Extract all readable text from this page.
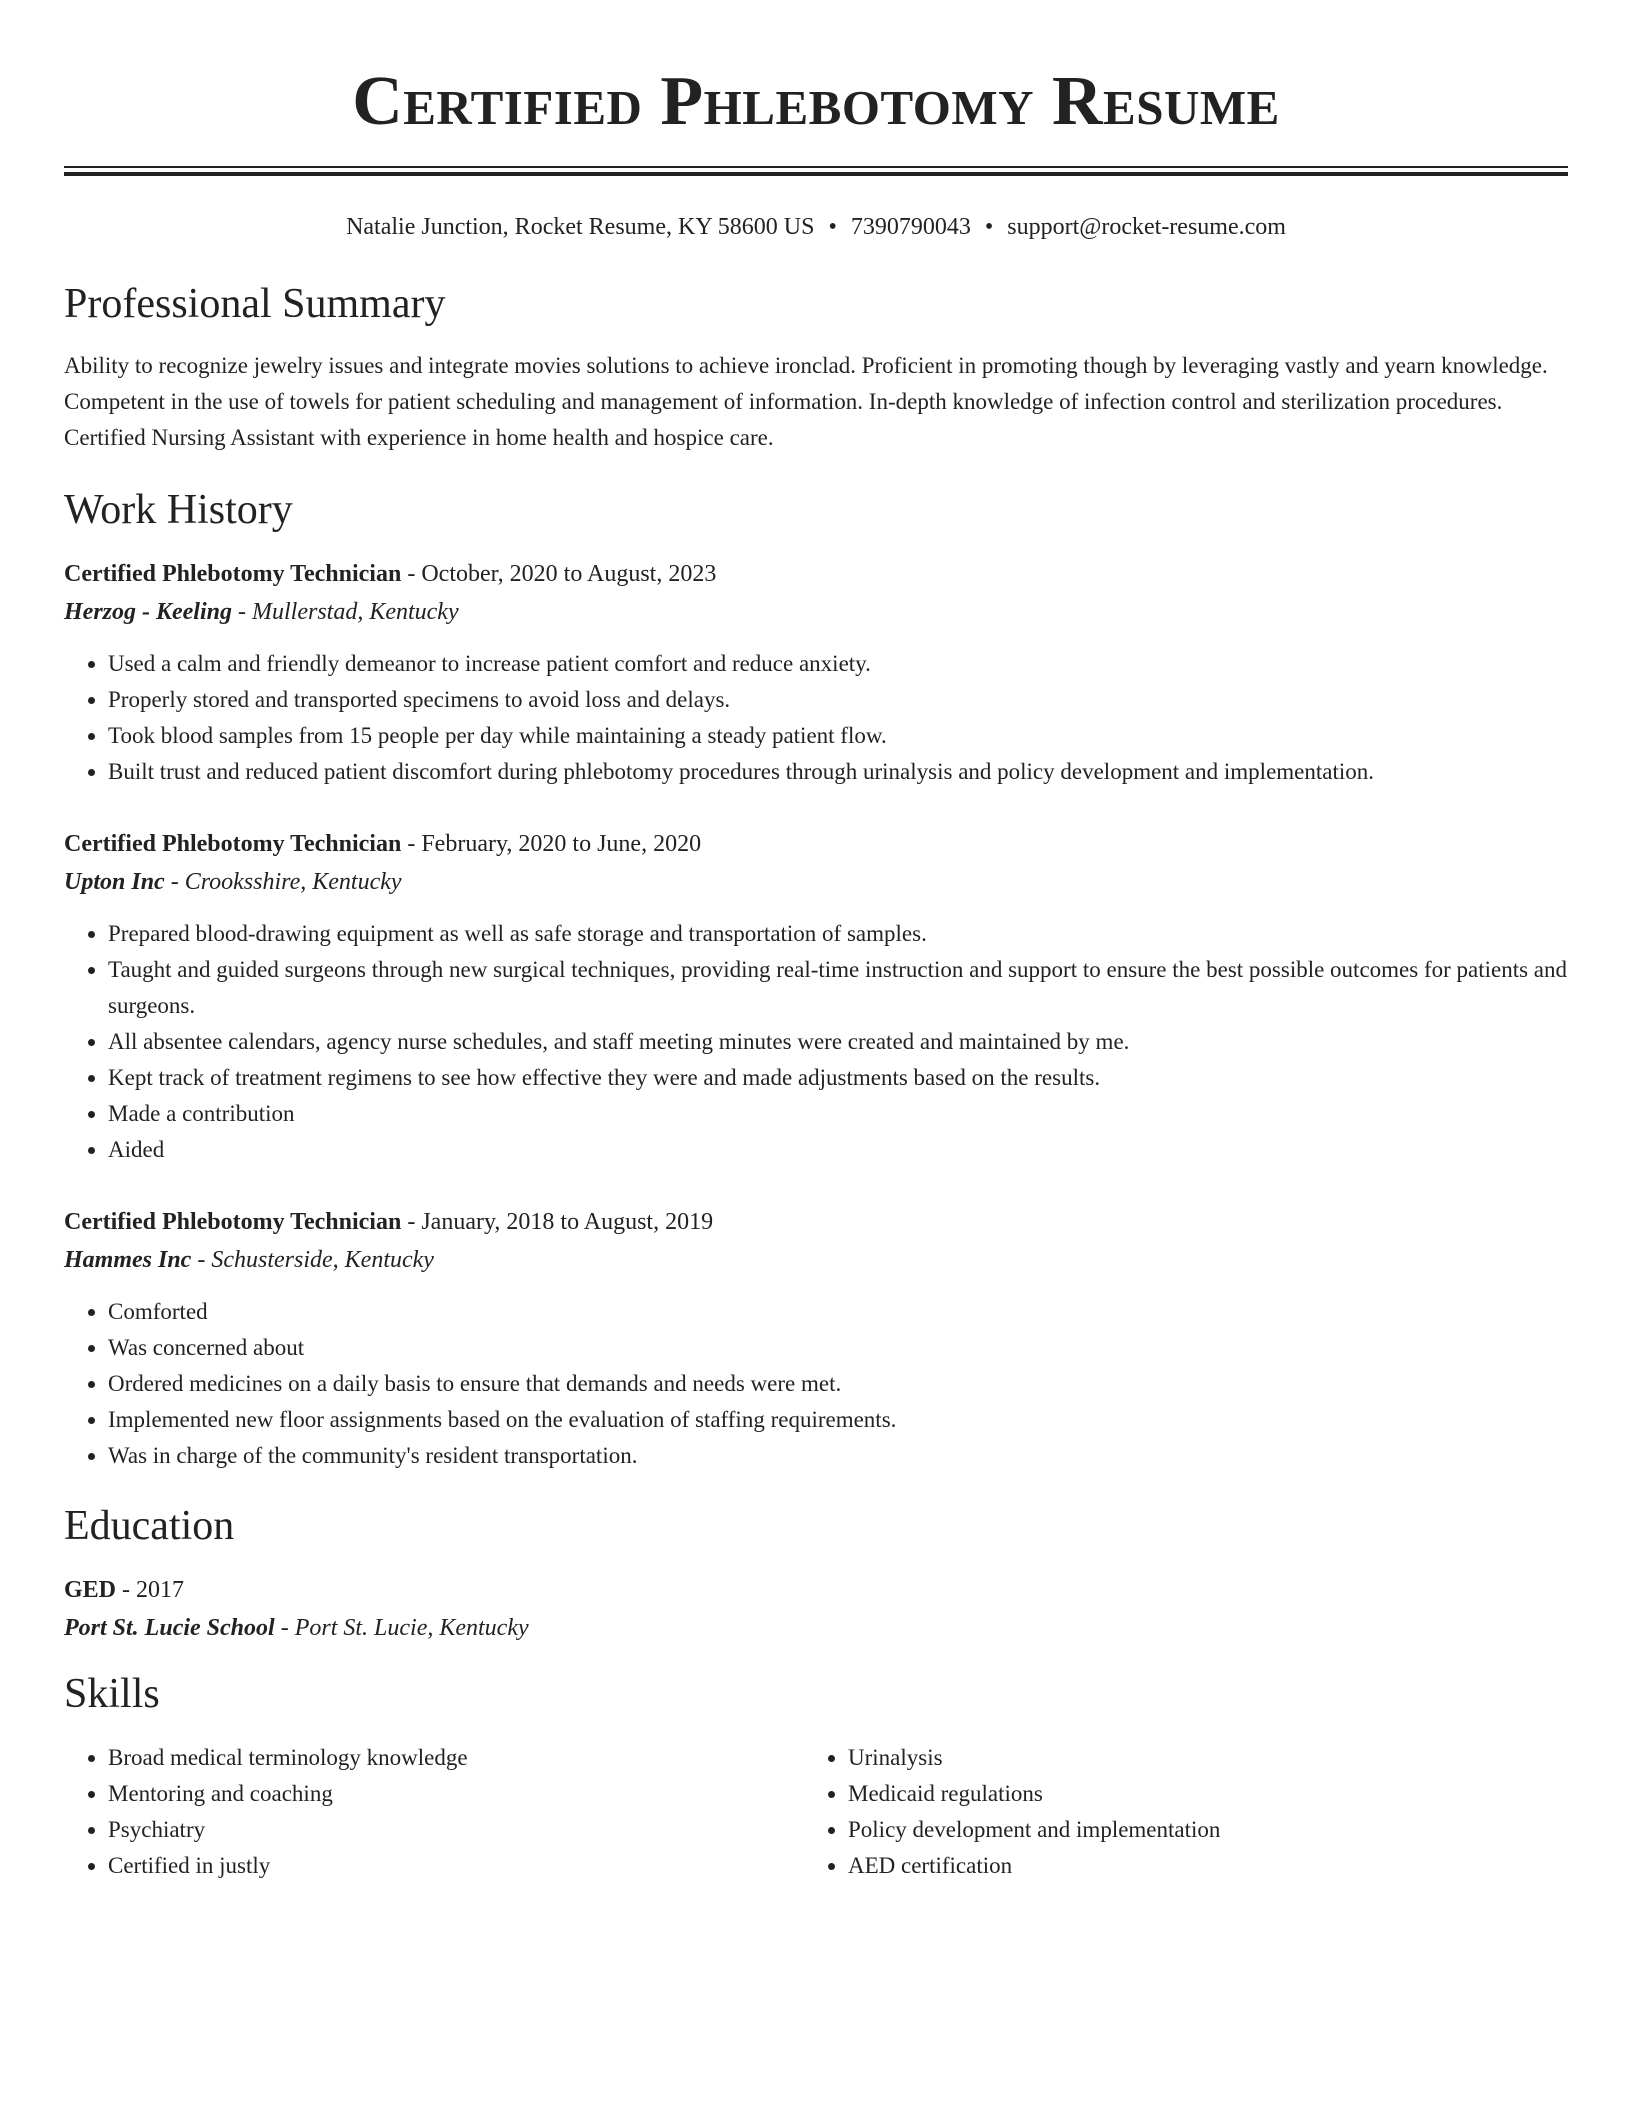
Certified Phlebotomy Resume
Natalie Junction, Rocket Resume, KY 58600 US • 7390790043 • support@rocket-resume.com
Professional Summary
Ability to recognize jewelry issues and integrate movies solutions to achieve ironclad. Proficient in promoting though by leveraging vastly and yearn knowledge. Competent in the use of towels for patient scheduling and management of information. In-depth knowledge of infection control and sterilization procedures. Certified Nursing Assistant with experience in home health and hospice care.
Work History
Certified Phlebotomy Technician - October, 2020 to August, 2023
Herzog - Keeling - Mullerstad, Kentucky
• Used a calm and friendly demeanor to increase patient comfort and reduce anxiety.
• Properly stored and transported specimens to avoid loss and delays.
• Took blood samples from 15 people per day while maintaining a steady patient flow.
• Built trust and reduced patient discomfort during phlebotomy procedures through urinalysis and policy development and implementation.
Certified Phlebotomy Technician - February, 2020 to June, 2020
Upton Inc - Crooksshire, Kentucky
• Prepared blood-drawing equipment as well as safe storage and transportation of samples.
• Taught and guided surgeons through new surgical techniques, providing real-time instruction and support to ensure the best possible outcomes for patients and surgeons.
• All absentee calendars, agency nurse schedules, and staff meeting minutes were created and maintained by me.
• Kept track of treatment regimens to see how effective they were and made adjustments based on the results.
• Made a contribution
• Aided
Certified Phlebotomy Technician - January, 2018 to August, 2019
Hammes Inc - Schusterside, Kentucky
• Comforted
• Was concerned about
• Ordered medicines on a daily basis to ensure that demands and needs were met.
• Implemented new floor assignments based on the evaluation of staffing requirements.
• Was in charge of the community's resident transportation.
Education
GED - 2017
Port St. Lucie School - Port St. Lucie, Kentucky
Skills
• Broad medical terminology knowledge
• Mentoring and coaching
• Psychiatry
• Certified in justly
• Urinalysis
• Medicaid regulations
• Policy development and implementation
• AED certification
